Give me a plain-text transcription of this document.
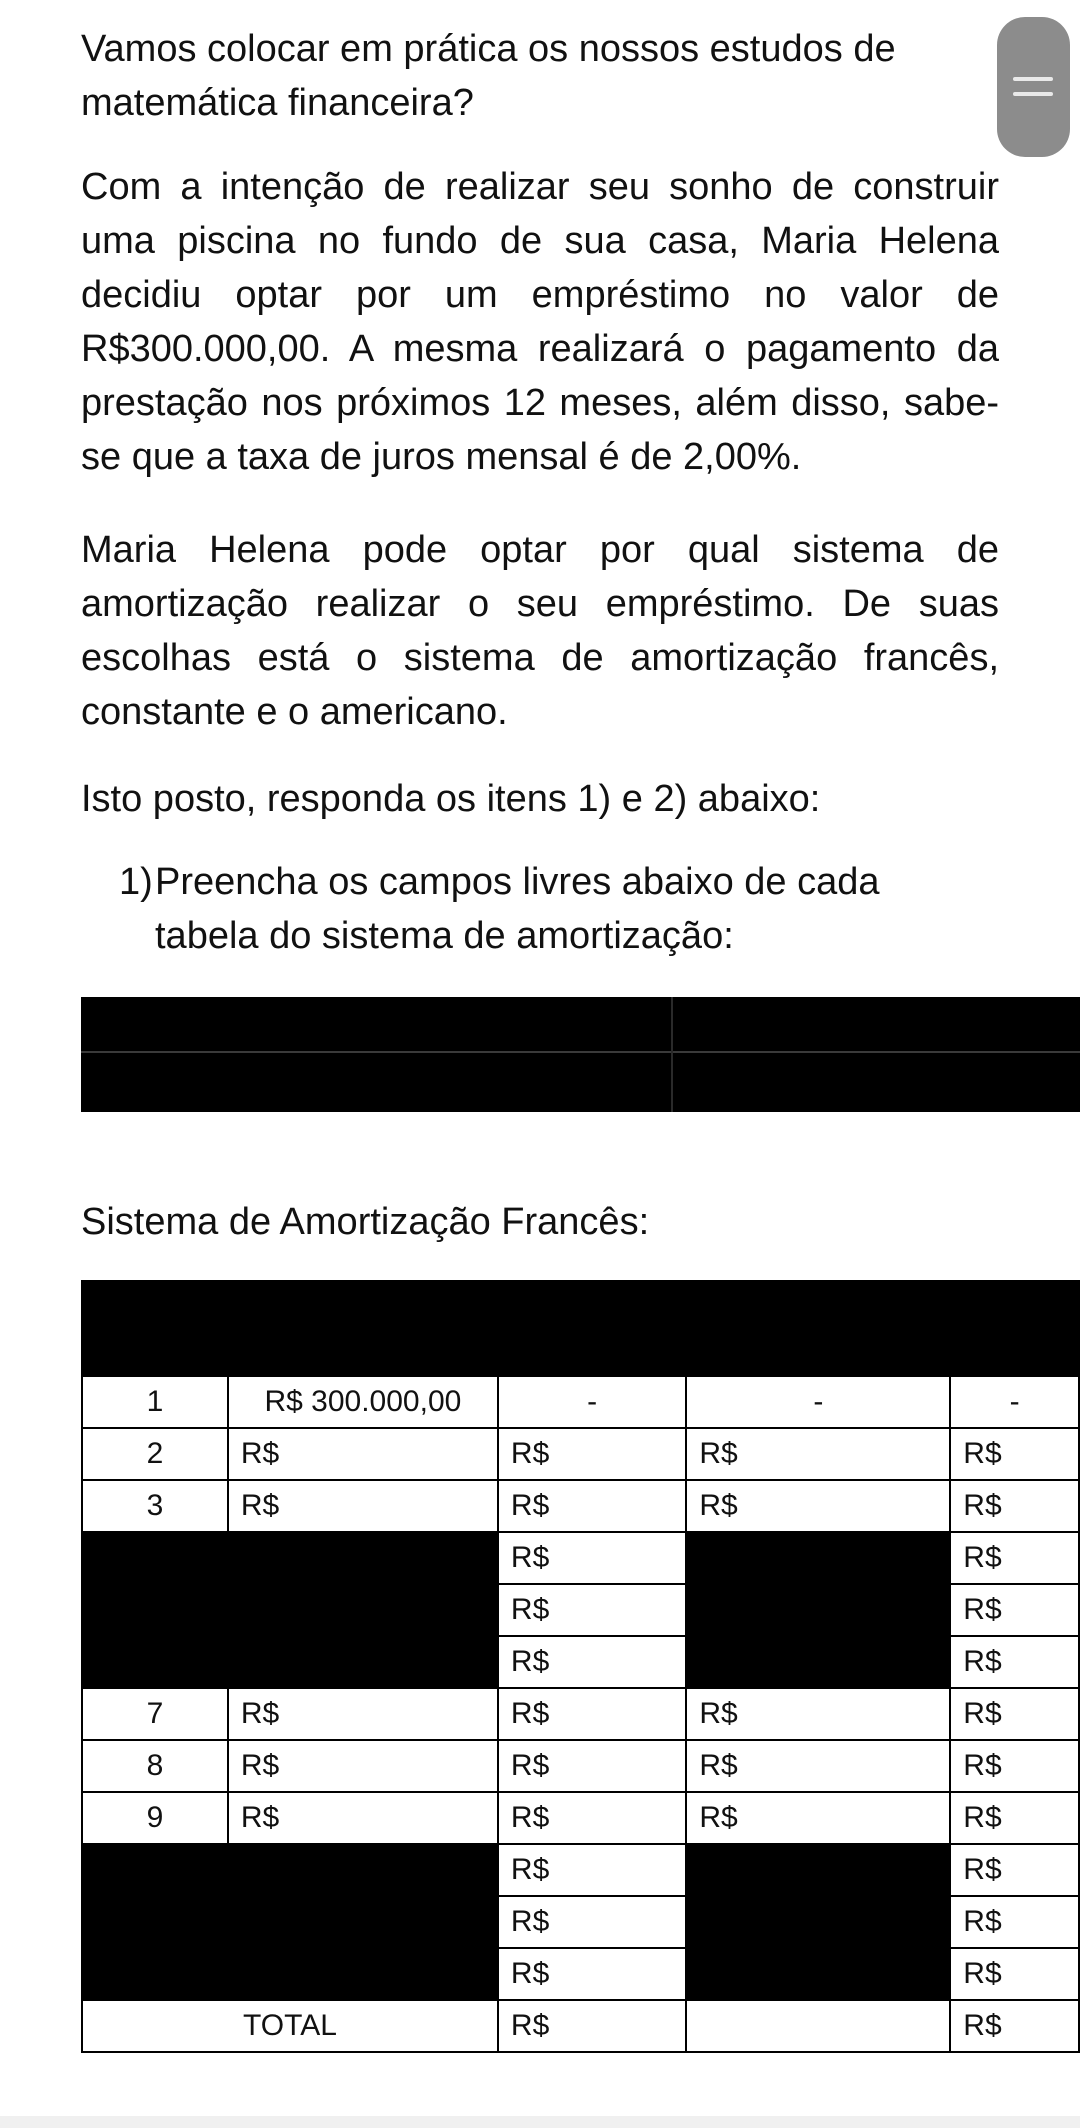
Vamos colocar em prática os nossos estudos de matemática financeira?

Com a intenção de realizar seu sonho de construir uma piscina no fundo de sua casa, Maria Helena decidiu optar por um empréstimo no valor de R$300.000,00. A mesma realizará o pagamento da prestação nos próximos 12 meses, além disso, sabe-se que a taxa de juros mensal é de 2,00%.

Maria Helena pode optar por qual sistema de amortização realizar o seu empréstimo. De suas escolhas está o sistema de amortização francês, constante e o americano.

Isto posto, responda os itens 1) e 2) abaixo:

1) Preencha os campos livres abaixo de cada
tabela do sistema de amortização:

Sistema de Amortização Francês:

1	R$ 300.000,00	-	-	-
2	R$	R$	R$	R$
3	R$	R$	R$	R$
		R$		R$
		R$		R$
		R$		R$
7	R$	R$	R$	R$
8	R$	R$	R$	R$
9	R$	R$	R$	R$
		R$		R$
		R$		R$
		R$		R$
TOTAL		R$		R$
